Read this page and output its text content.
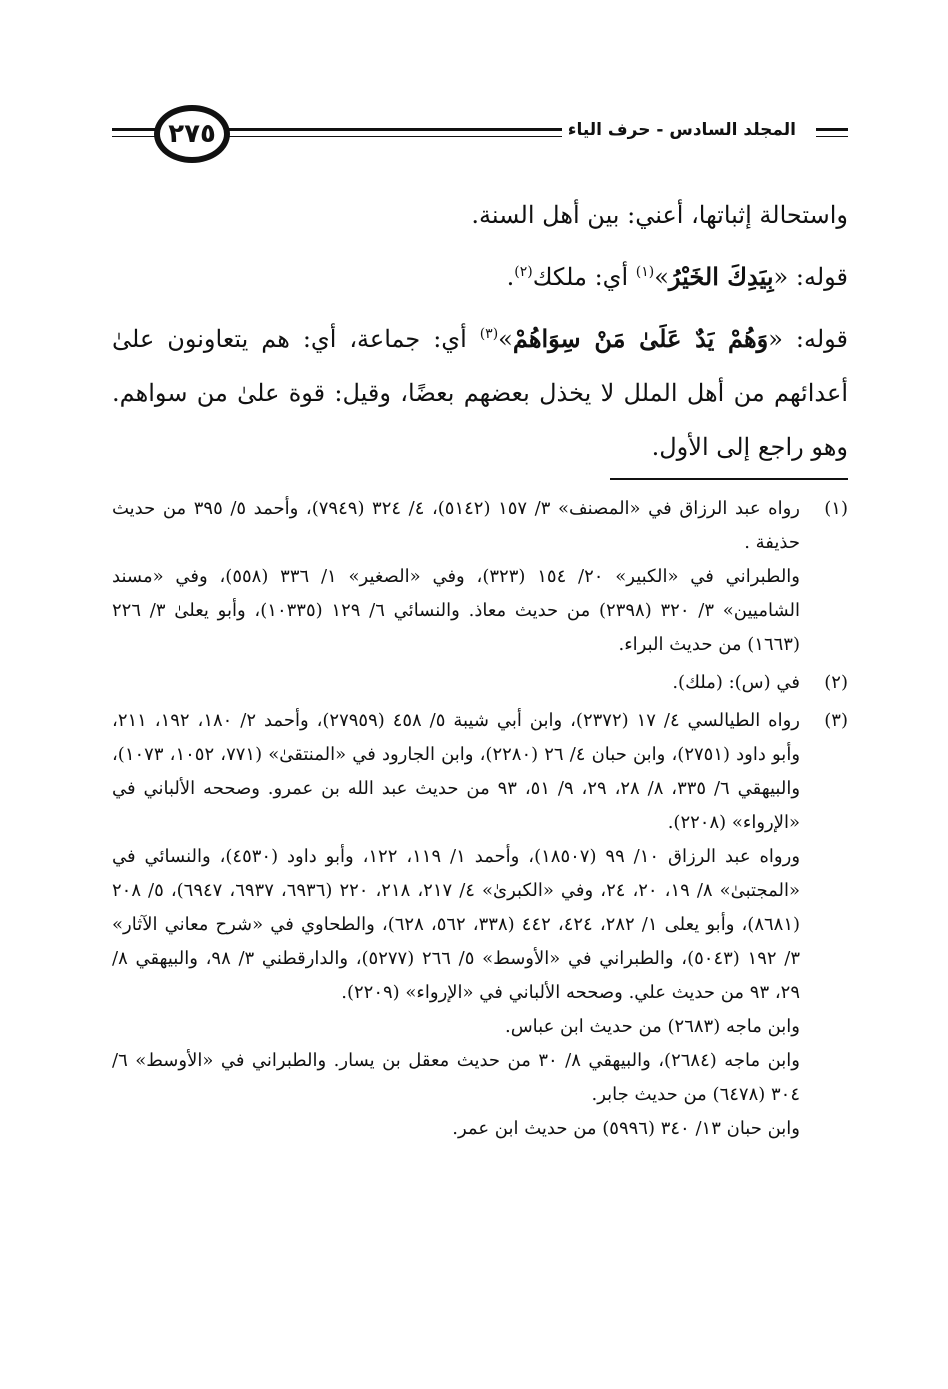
٢٧٥	المجلد السادس - حرف الياء

واستحالة إثباتها، أعني: بين أهل السنة.

قوله: «بِيَدِكَ الخَيْرُ»$^{(١)}$ أي: ملكك$^{(٢)}$.

قوله: «وَهُمْ يَدٌ عَلَىٰ مَنْ سِوَاهُمْ»$^{(٣)}$ أي: جماعة، أي: هم يتعاونون علىٰ أعدائهم من أهل الملل لا يخذل بعضهم بعضًا، وقيل: قوة علىٰ من سواهم. وهو راجع إلى الأول.

(١)

رواه عبد الرزاق في «المصنف» ٣/ ١٥٧ (٥١٤٢)، ٤/ ٣٢٤ (٧٩٤٩)، وأحمد ٥/ ٣٩٥ من حديث حذيفة .

والطبراني في «الكبير» ٢٠/ ١٥٤ (٣٢٣)، وفي «الصغير» ١/ ٣٣٦ (٥٥٨)، وفي «مسند الشاميين» ٣/ ٣٢٠ (٢٣٩٨) من حديث معاذ. والنسائي ٦/ ١٢٩ (١٠٣٣٥)، وأبو يعلىٰ ٣/ ٢٢٦ (١٦٦٣) من حديث البراء.

(٢)

في (س): (ملك).

(٣)

رواه الطيالسي ٤/ ١٧ (٢٣٧٢)، وابن أبي شيبة ٥/ ٤٥٨ (٢٧٩٥٩)، وأحمد ٢/ ١٨٠، ١٩٢، ٢١١، وأبو داود (٢٧٥١)، وابن حبان ٤/ ٢٦ (٢٢٨٠)، وابن الجارود في «المنتقىٰ» (٧٧١، ١٠٥٢، ١٠٧٣)، والبيهقي ٦/ ٣٣٥، ٨/ ٢٨، ٢٩، ٩/ ٥١، ٩٣ من حديث عبد الله بن عمرو. وصححه الألباني في «الإرواء» (٢٢٠٨).

ورواه عبد الرزاق ١٠/ ٩٩ (١٨٥٠٧)، وأحمد ١/ ١١٩، ١٢٢، وأبو داود (٤٥٣٠)، والنسائي في «المجتبىٰ» ٨/ ١٩، ٢٠، ٢٤، وفي «الكبرىٰ» ٤/ ٢١٧، ٢١٨، ٢٢٠ (٦٩٣٦، ٦٩٣٧، ٦٩٤٧)، ٥/ ٢٠٨ (٨٦٨١)، وأبو يعلى ١/ ٢٨٢، ٤٢٤، ٤٤٢ (٣٣٨، ٥٦٢، ٦٢٨)، والطحاوي في «شرح معاني الآثار» ٣/ ١٩٢ (٥٠٤٣)، والطبراني في «الأوسط» ٥/ ٢٦٦ (٥٢٧٧)، والدارقطني ٣/ ٩٨، والبيهقي ٨/ ٢٩، ٩٣ من حديث علي. وصححه الألباني في «الإرواء» (٢٢٠٩).

وابن ماجه (٢٦٨٣) من حديث ابن عباس.

وابن ماجه (٢٦٨٤)، والبيهقي ٨/ ٣٠ من حديث معقل بن يسار. والطبراني في «الأوسط» ٦/ ٣٠٤ (٦٤٧٨) من حديث جابر.

وابن حبان ١٣/ ٣٤٠ (٥٩٩٦) من حديث ابن عمر.
